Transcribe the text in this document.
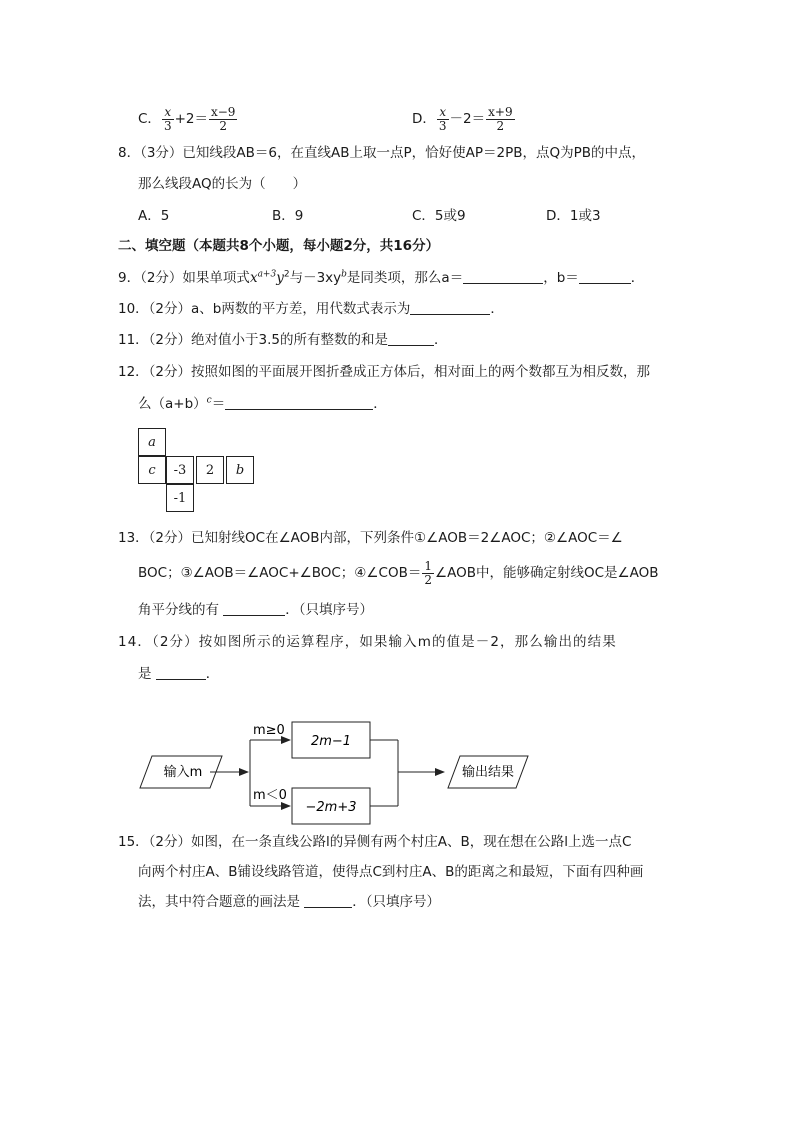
C． $\frac{x}{3} +2= \frac{x-9}{2}$	D． $\frac{x}{3} -2= \frac{x+9}{2}$
8．（3分）已知线段AB＝6，在直线AB上取一点P，恰好使AP＝2PB，点Q为PB的中点，
那么线段AQ的长为（　　）
A．5	B．9	C．5或9	D．1或3
二、填空题（本题共8个小题，每小题2分，共16分）
9．（2分）如果单项式$x^{a+3}y^2$与$-3xy^b$是同类项，那么a＝	，b＝	．
10．（2分）a、b两数的平方差，用代数式表示为	．
11．（2分）绝对值小于3.5的所有整数的和是	．
12．（2分）按照如图的平面展开图折叠成正方体后，相对面上的两个数都互为相反数，那
么$(a+b)^c=$	．
a
c	-3	2	b
-1
13．（2分）已知射线OC在∠AOB内部，下列条件①∠AOB＝2∠AOC；②∠AOC＝∠
BOC；③∠AOB＝∠AOC+∠BOC；④∠COB＝ $\frac{1}{2}$ ∠AOB中，能够确定射线OC是∠AOB
角平分线的有	．（只填序号）
14．（2分）按如图所示的运算程序，如果输入m的值是－2，那么输出的结果
是	．
输入m
m≥0
2m−1
m＜0
−2m+3
输出结果
15．（2分）如图，在一条直线公路l的异侧有两个村庄A、B，现在想在公路l上选一点C
向两个村庄A、B铺设线路管道，使得点C到村庄A、B的距离之和最短，下面有四种画
法，其中符合题意的画法是	．（只填序号）
